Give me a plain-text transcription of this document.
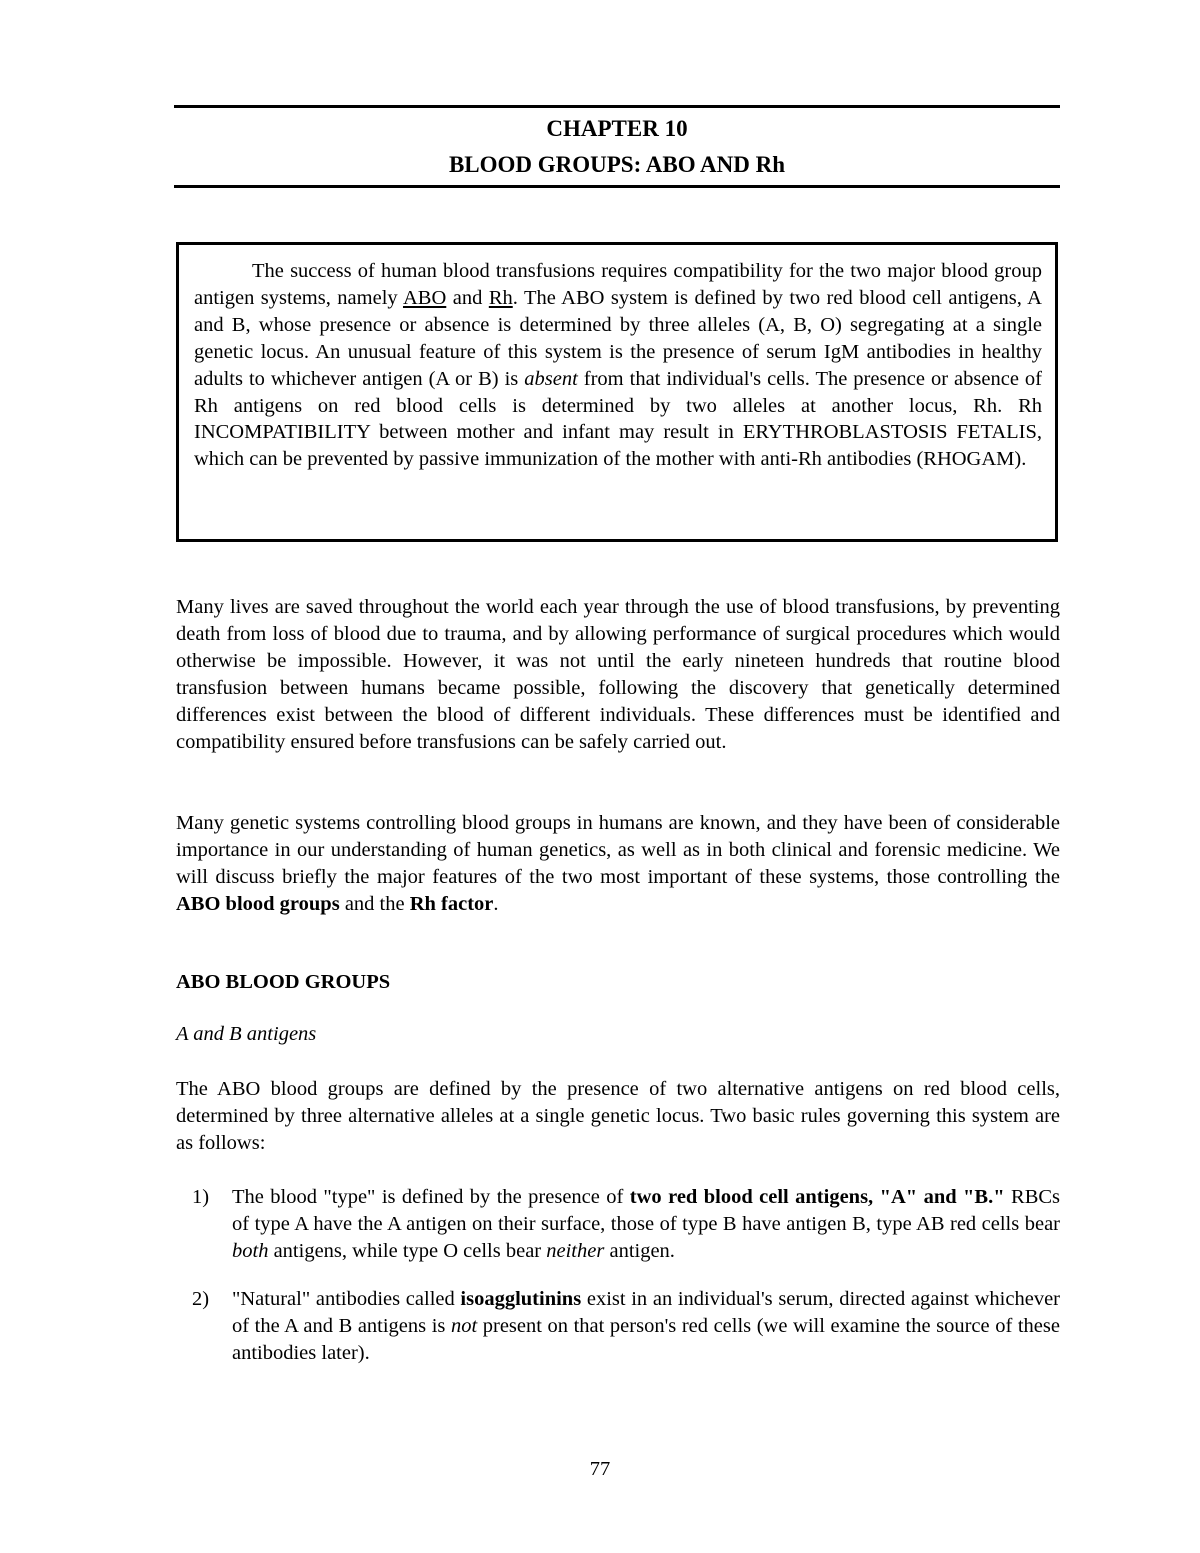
CHAPTER 10
BLOOD GROUPS: ABO AND Rh

The success of human blood transfusions requires compatibility for the two major blood group antigen systems, namely ABO and Rh. The ABO system is defined by two red blood cell antigens, A and B, whose presence or absence is determined by three alleles (A, B, O) segregating at a single genetic locus. An unusual feature of this system is the presence of serum IgM antibodies in healthy adults to whichever antigen (A or B) is absent from that individual's cells. The presence or absence of Rh antigens on red blood cells is determined by two alleles at another locus, Rh. Rh INCOMPATIBILITY between mother and infant may result in ERYTHROBLASTOSIS FETALIS, which can be prevented by passive immunization of the mother with anti-Rh antibodies (RHOGAM).

Many lives are saved throughout the world each year through the use of blood transfusions, by preventing death from loss of blood due to trauma, and by allowing performance of surgical procedures which would otherwise be impossible. However, it was not until the early nineteen hundreds that routine blood transfusion between humans became possible, following the discovery that genetically determined differences exist between the blood of different individuals. These differences must be identified and compatibility ensured before transfusions can be safely carried out.

Many genetic systems controlling blood groups in humans are known, and they have been of considerable importance in our understanding of human genetics, as well as in both clinical and forensic medicine. We will discuss briefly the major features of the two most important of these systems, those controlling the ABO blood groups and the Rh factor.

ABO BLOOD GROUPS

A and B antigens

The ABO blood groups are defined by the presence of two alternative antigens on red blood cells, determined by three alternative alleles at a single genetic locus. Two basic rules governing this system are as follows:

1) The blood "type" is defined by the presence of two red blood cell antigens, "A" and "B." RBCs of type A have the A antigen on their surface, those of type B have antigen B, type AB red cells bear both antigens, while type O cells bear neither antigen.
2) "Natural" antibodies called isoagglutinins exist in an individual's serum, directed against whichever of the A and B antigens is not present on that person's red cells (we will examine the source of these antibodies later).
77
